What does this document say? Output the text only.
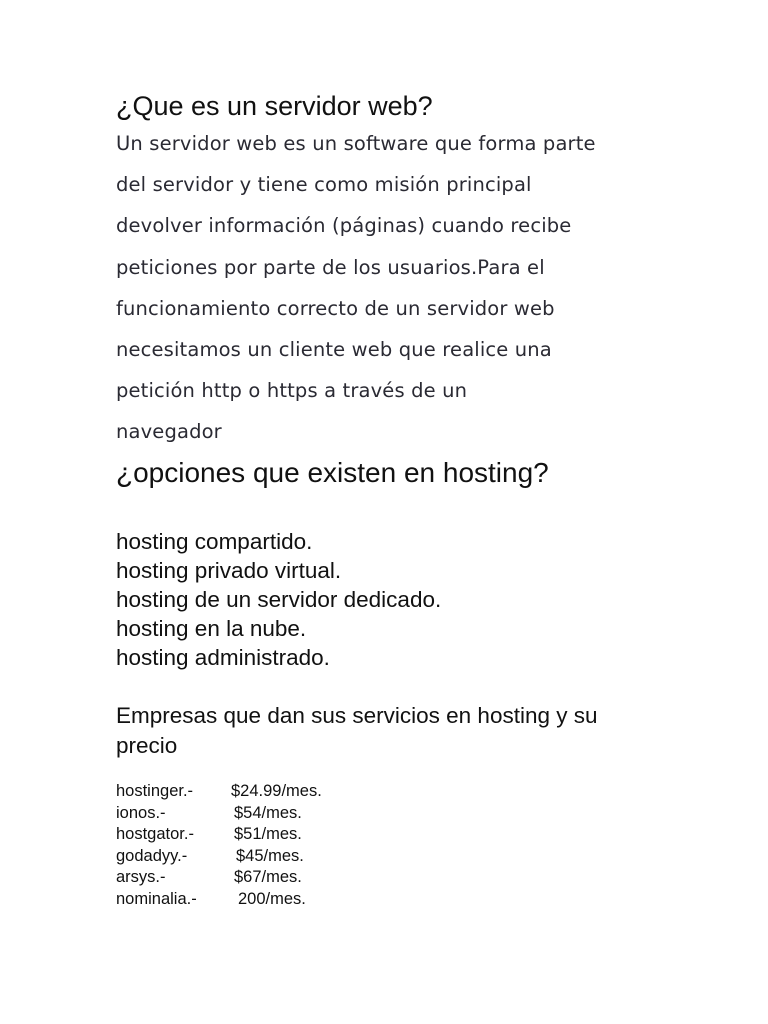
¿Que es un servidor web?
Un servidor web es un software que forma parte
del servidor y tiene como misión principal
devolver información (páginas) cuando recibe
peticiones por parte de los usuarios.Para el
funcionamiento correcto de un servidor web
necesitamos un cliente web que realice una
petición http o https a través de un
navegador
¿opciones que existen en hosting?
hosting compartido.
hosting privado virtual.
hosting de un servidor dedicado.
hosting en la nube.
hosting administrado.
Empresas que dan sus servicios en hosting y su precio
hostinger.- $24.99/mes.
ionos.-	$54/mes.
hostgator.- $51/mes.
godadyy.-	$45/mes.
arsys.-	$67/mes.
nominalia.-	200/mes.
